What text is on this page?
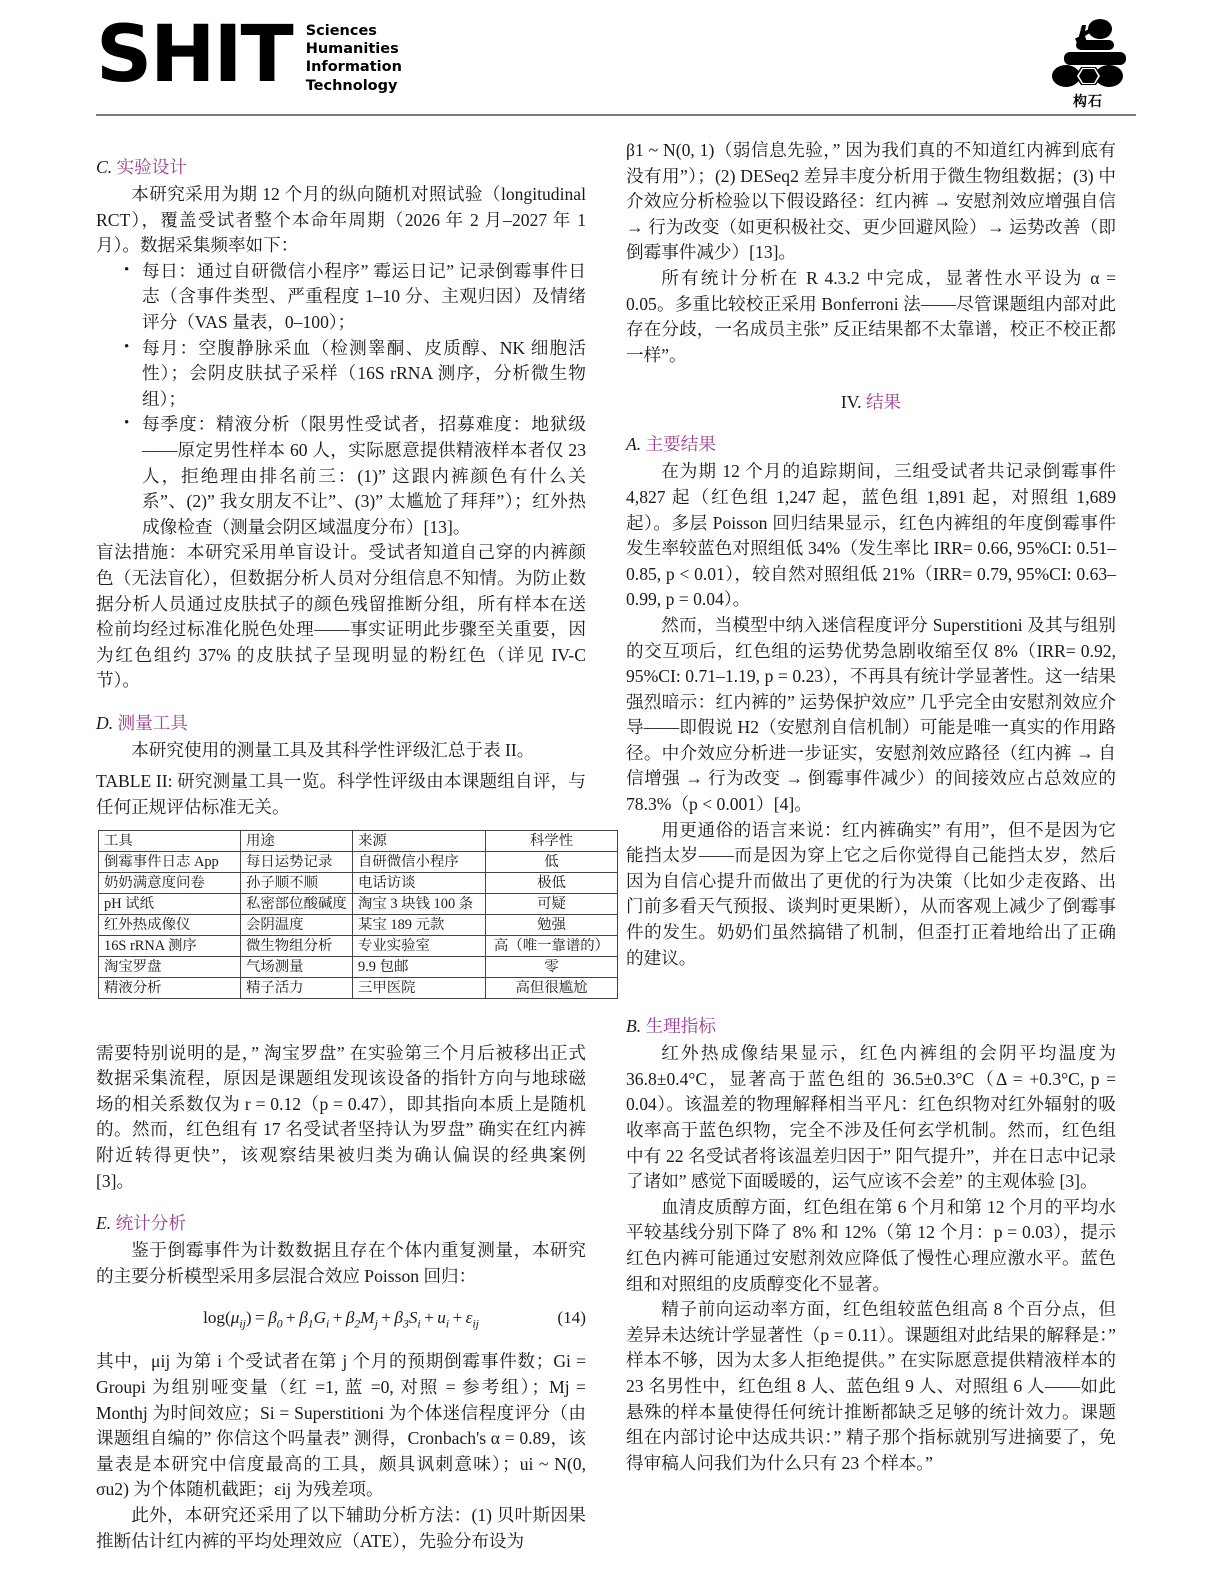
SHIT Sciences
Humanities
Information
Technology
构石
C. 实验设计

本研究采用为期 12 个月的纵向随机对照试验（longitudinal RCT），覆盖受试者整个本命年周期（2026 年 2 月–2027 年 1 月）。数据采集频率如下：

• 每日：通过自研微信小程序” 霉运日记” 记录倒霉事件日志（含事件类型、严重程度 1–10 分、主观归因）及情绪评分（VAS 量表，0–100）；
• 每月：空腹静脉采血（检测睾酮、皮质醇、NK 细胞活性）；会阴皮肤拭子采样（16S rRNA 测序，分析微生物组）；
• 每季度：精液分析（限男性受试者，招募难度：地狱级——原定男性样本 60 人，实际愿意提供精液样本者仅 23 人，拒绝理由排名前三：(1)” 这跟内裤颜色有什么关系”、(2)” 我女朋友不让”、(3)” 太尴尬了拜拜”）；红外热成像检查（测量会阴区域温度分布）[13]。

盲法措施：本研究采用单盲设计。受试者知道自己穿的内裤颜色（无法盲化），但数据分析人员对分组信息不知情。为防止数据分析人员通过皮肤拭子的颜色残留推断分组，所有样本在送检前均经过标准化脱色处理——事实证明此步骤至关重要，因为红色组约 37% 的皮肤拭子呈现明显的粉红色（详见 IV-C 节）。

D. 测量工具

本研究使用的测量工具及其科学性评级汇总于表 II。

TABLE II: 研究测量工具一览。科学性评级由本课题组自评，与任何正规评估标准无关。

工具	用途	来源	科学性
倒霉事件日志 App	每日运势记录	自研微信小程序	低
奶奶满意度问卷	孙子顺不顺	电话访谈	极低
pH 试纸	私密部位酸碱度	淘宝 3 块钱 100 条	可疑
红外热成像仪	会阴温度	某宝 189 元款	勉强
16S rRNA 测序	微生物组分析	专业实验室	高（唯一靠谱的）
淘宝罗盘	气场测量	9.9 包邮	零
精液分析	精子活力	三甲医院	高但很尴尬

需要特别说明的是，” 淘宝罗盘” 在实验第三个月后被移出正式数据采集流程，原因是课题组发现该设备的指针方向与地球磁场的相关系数仅为 r = 0.12（p = 0.47），即其指向本质上是随机的。然而，红色组有 17 名受试者坚持认为罗盘” 确实在红内裤附近转得更快”，该观察结果被归类为确认偏误的经典案例 [3]。

E. 统计分析

鉴于倒霉事件为计数数据且存在个体内重复测量，本研究的主要分析模型采用多层混合效应 Poisson 回归：

$\log(\mu_{ij}) = \beta_0 + \beta_1G_i + \beta_2M_j + \beta_3S_i + u_i + \varepsilon_{ij}$	(14)

其中，μij 为第 i 个受试者在第 j 个月的预期倒霉事件数；Gi = Groupi 为组别哑变量（红 =1, 蓝 =0, 对照 = 参考组）；Mj = Monthj 为时间效应；Si = Superstitioni 为个体迷信程度评分（由课题组自编的” 你信这个吗量表” 测得，Cronbach's α = 0.89，该量表是本研究中信度最高的工具，颇具讽刺意味）；ui ~ N(0, σu2) 为个体随机截距；εij 为残差项。

此外，本研究还采用了以下辅助分析方法：(1) 贝叶斯因果推断估计红内裤的平均处理效应（ATE），先验分布设为

β1 ~ N(0, 1)（弱信息先验，” 因为我们真的不知道红内裤到底有没有用”）；(2) DESeq2 差异丰度分析用于微生物组数据；(3) 中介效应分析检验以下假设路径：红内裤 → 安慰剂效应增强自信 → 行为改变（如更积极社交、更少回避风险）→ 运势改善（即倒霉事件减少）[13]。

所有统计分析在 R 4.3.2 中完成，显著性水平设为 α = 0.05。多重比较校正采用 Bonferroni 法——尽管课题组内部对此存在分歧，一名成员主张” 反正结果都不太靠谱，校正不校正都一样”。

IV. 结果
A. 主要结果

在为期 12 个月的追踪期间，三组受试者共记录倒霉事件 4,827 起（红色组 1,247 起，蓝色组 1,891 起，对照组 1,689 起）。多层 Poisson 回归结果显示，红色内裤组的年度倒霉事件发生率较蓝色对照组低 34%（发生率比 IRR= 0.66, 95%CI: 0.51–0.85, p < 0.01），较自然对照组低 21%（IRR= 0.79, 95%CI: 0.63–0.99, p = 0.04）。

然而，当模型中纳入迷信程度评分 Superstitioni 及其与组别的交互项后，红色组的运势优势急剧收缩至仅 8%（IRR= 0.92, 95%CI: 0.71–1.19, p = 0.23），不再具有统计学显著性。这一结果强烈暗示：红内裤的” 运势保护效应” 几乎完全由安慰剂效应介导——即假说 H2（安慰剂自信机制）可能是唯一真实的作用路径。中介效应分析进一步证实，安慰剂效应路径（红内裤 → 自信增强 → 行为改变 → 倒霉事件减少）的间接效应占总效应的 78.3%（p < 0.001）[4]。

用更通俗的语言来说：红内裤确实” 有用”，但不是因为它能挡太岁——而是因为穿上它之后你觉得自己能挡太岁，然后因为自信心提升而做出了更优的行为决策（比如少走夜路、出门前多看天气预报、谈判时更果断），从而客观上减少了倒霉事件的发生。奶奶们虽然搞错了机制，但歪打正着地给出了正确的建议。

B. 生理指标

红外热成像结果显示，红色内裤组的会阴平均温度为 36.8±0.4°C，显著高于蓝色组的 36.5±0.3°C（Δ = +0.3°C, p = 0.04）。该温差的物理解释相当平凡：红色织物对红外辐射的吸收率高于蓝色织物，完全不涉及任何玄学机制。然而，红色组中有 22 名受试者将该温差归因于” 阳气提升”，并在日志中记录了诸如” 感觉下面暖暖的，运气应该不会差” 的主观体验 [3]。

血清皮质醇方面，红色组在第 6 个月和第 12 个月的平均水平较基线分别下降了 8% 和 12%（第 12 个月：p = 0.03），提示红色内裤可能通过安慰剂效应降低了慢性心理应激水平。蓝色组和对照组的皮质醇变化不显著。

精子前向运动率方面，红色组较蓝色组高 8 个百分点，但差异未达统计学显著性（p = 0.11）。课题组对此结果的解释是：” 样本不够，因为太多人拒绝提供。” 在实际愿意提供精液样本的 23 名男性中，红色组 8 人、蓝色组 9 人、对照组 6 人——如此悬殊的样本量使得任何统计推断都缺乏足够的统计效力。课题组在内部讨论中达成共识：” 精子那个指标就别写进摘要了，免得审稿人问我们为什么只有 23 个样本。”
